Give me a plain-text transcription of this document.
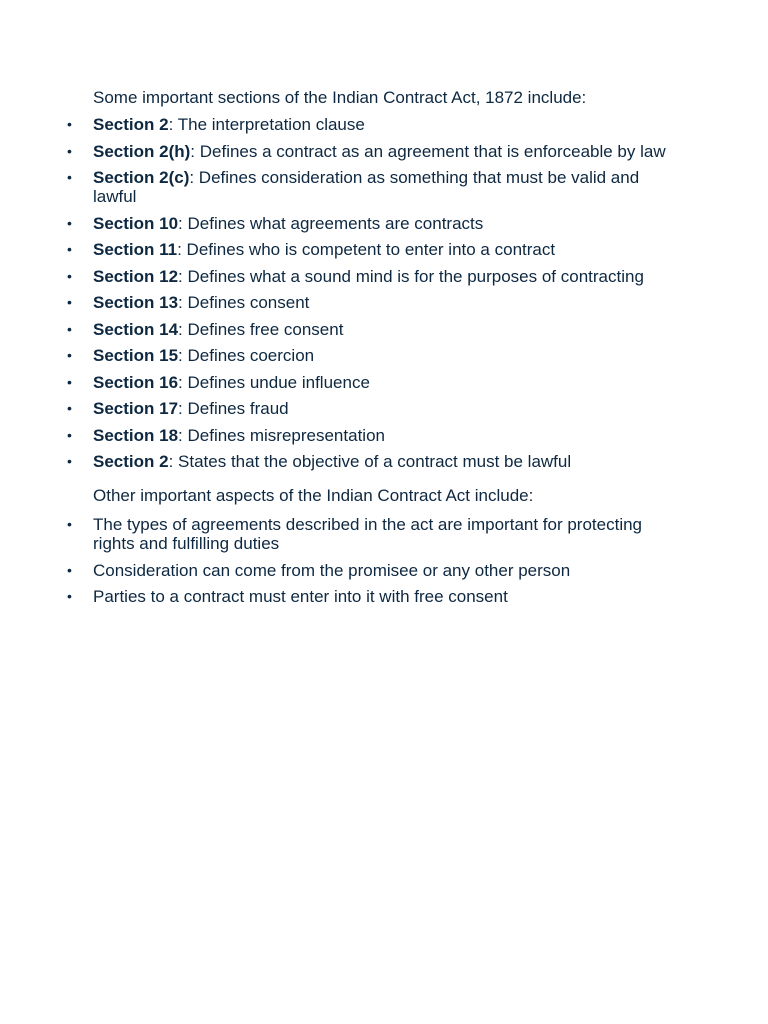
Some important sections of the Indian Contract Act, 1872 include:
• Section 2: The interpretation clause
• Section 2(h): Defines a contract as an agreement that is enforceable by law
• Section 2(c): Defines consideration as something that must be valid and lawful
• Section 10: Defines what agreements are contracts
• Section 11: Defines who is competent to enter into a contract
• Section 12: Defines what a sound mind is for the purposes of contracting
• Section 13: Defines consent
• Section 14: Defines free consent
• Section 15: Defines coercion
• Section 16: Defines undue influence
• Section 17: Defines fraud
• Section 18: Defines misrepresentation
• Section 2: States that the objective of a contract must be lawful
Other important aspects of the Indian Contract Act include:
• The types of agreements described in the act are important for protecting rights and fulfilling duties
• Consideration can come from the promisee or any other person
• Parties to a contract must enter into it with free consent
